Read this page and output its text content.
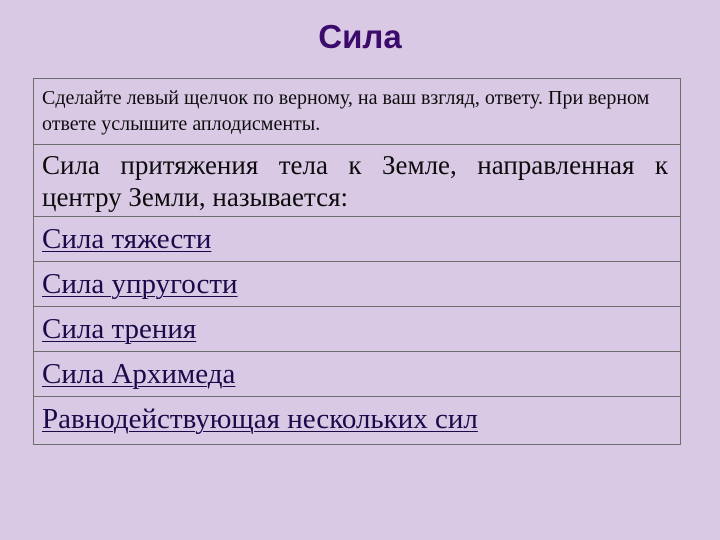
Сила
Сделайте левый щелчок по верному, на ваш взгляд, ответу. При верном ответе услышите аплодисменты.
Сила притяжения тела к Земле, направленная к центру Земли, называется:
Сила тяжести
Сила упругости
Сила трения
Сила Архимеда
Равнодействующая нескольких сил
